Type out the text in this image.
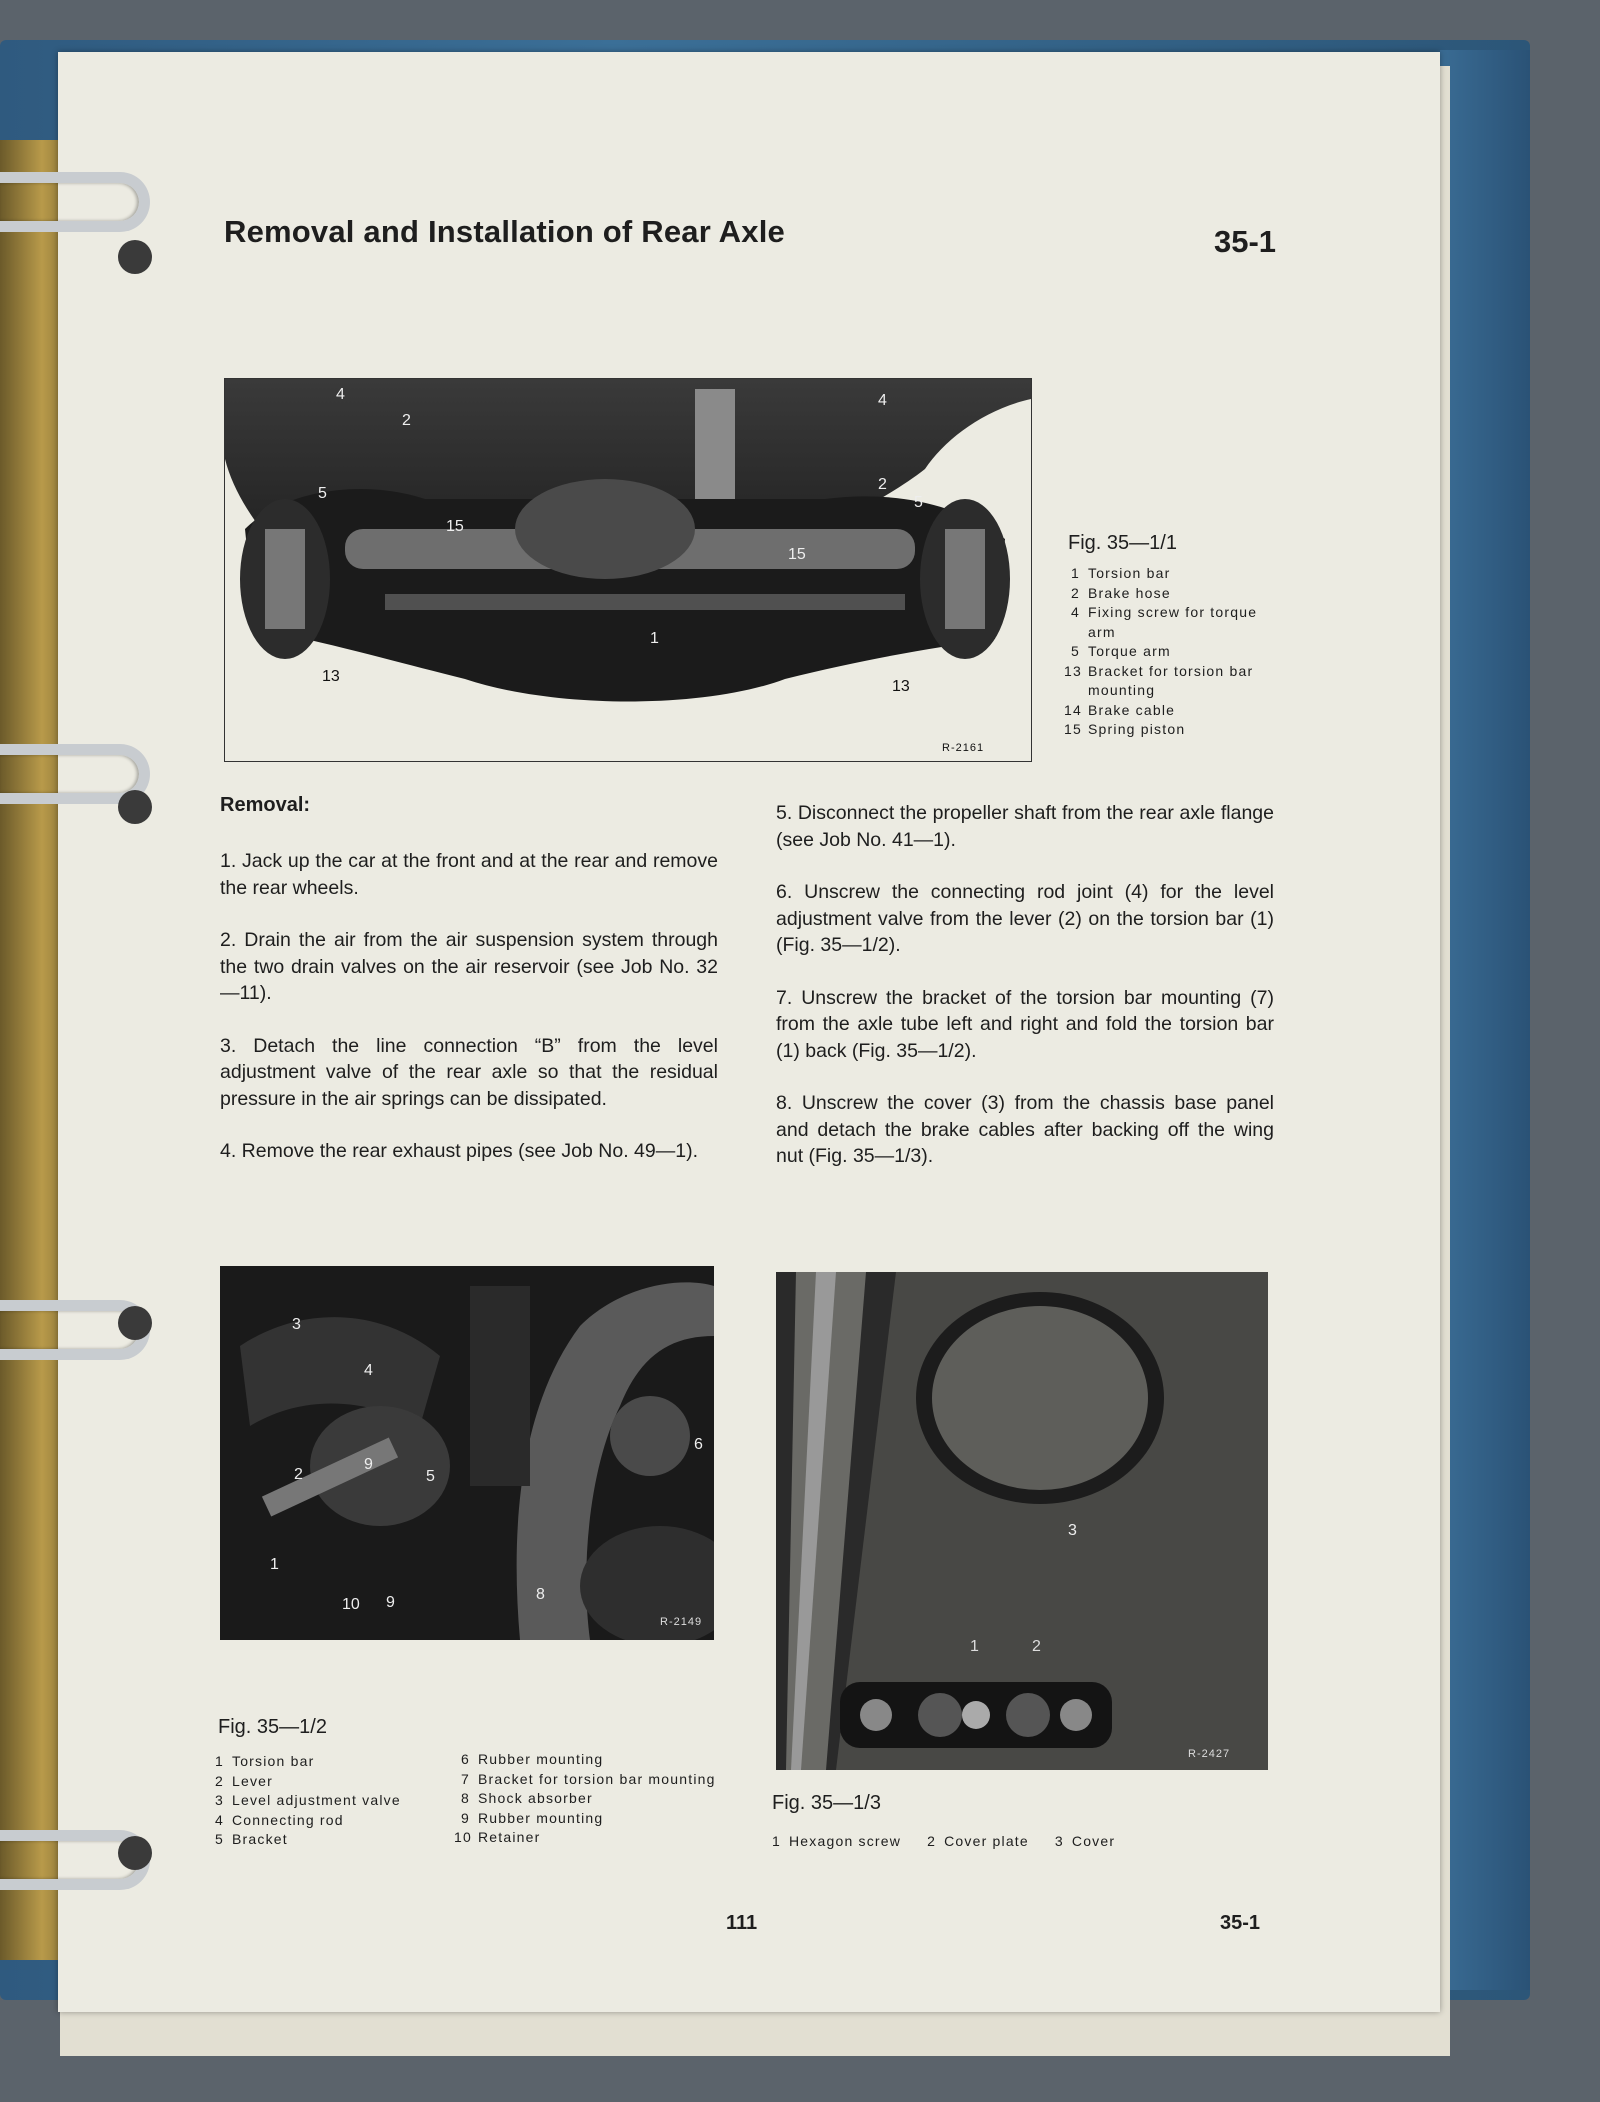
Removal and Installation of Rear Axle	35-1
4
2
5
15
1
13
4
2
5
15
13
R-2161
Fig. 35—1/1
1 Torsion bar
2 Brake hose
4 Fixing screw for torque
arm
5 Torque arm
13 Bracket for torsion bar
mounting
14 Brake cable
15 Spring piston
Removal:

1. Jack up the car at the front and at the rear and remove the rear wheels.

2. Drain the air from the air suspension system through the two drain valves on the air reservoir (see Job No. 32—11).

3. Detach the line connection “B” from the level adjustment valve of the rear axle so that the residual pressure in the air springs can be dissipated.

4. Remove the rear exhaust pipes (see Job No. 49—1).

5. Disconnect the propeller shaft from the rear axle flange (see Job No. 41—1).

6. Unscrew the connecting rod joint (4) for the level adjustment valve from the lever (2) on the torsion bar (1) (Fig. 35—1/2).

7. Unscrew the bracket of the torsion bar mounting (7) from the axle tube left and right and fold the torsion bar (1) back (Fig. 35—1/2).

8. Unscrew the cover (3) from the chassis base panel and detach the brake cables after backing off the wing nut (Fig. 35—1/3).

3
4
2
9
5
6
1
10 9	8
R-2149
Fig. 35—1/2
1 Torsion bar
2 Lever
3 Level adjustment valve
4 Connecting rod
5 Bracket
6 Rubber mounting
7 Bracket for torsion bar mounting
8 Shock absorber
9 Rubber mounting
10 Retainer
3
1	2
R-2427
Fig. 35—1/3
1 Hexagon screw 2 Cover plate 3 Cover
111	35-1
